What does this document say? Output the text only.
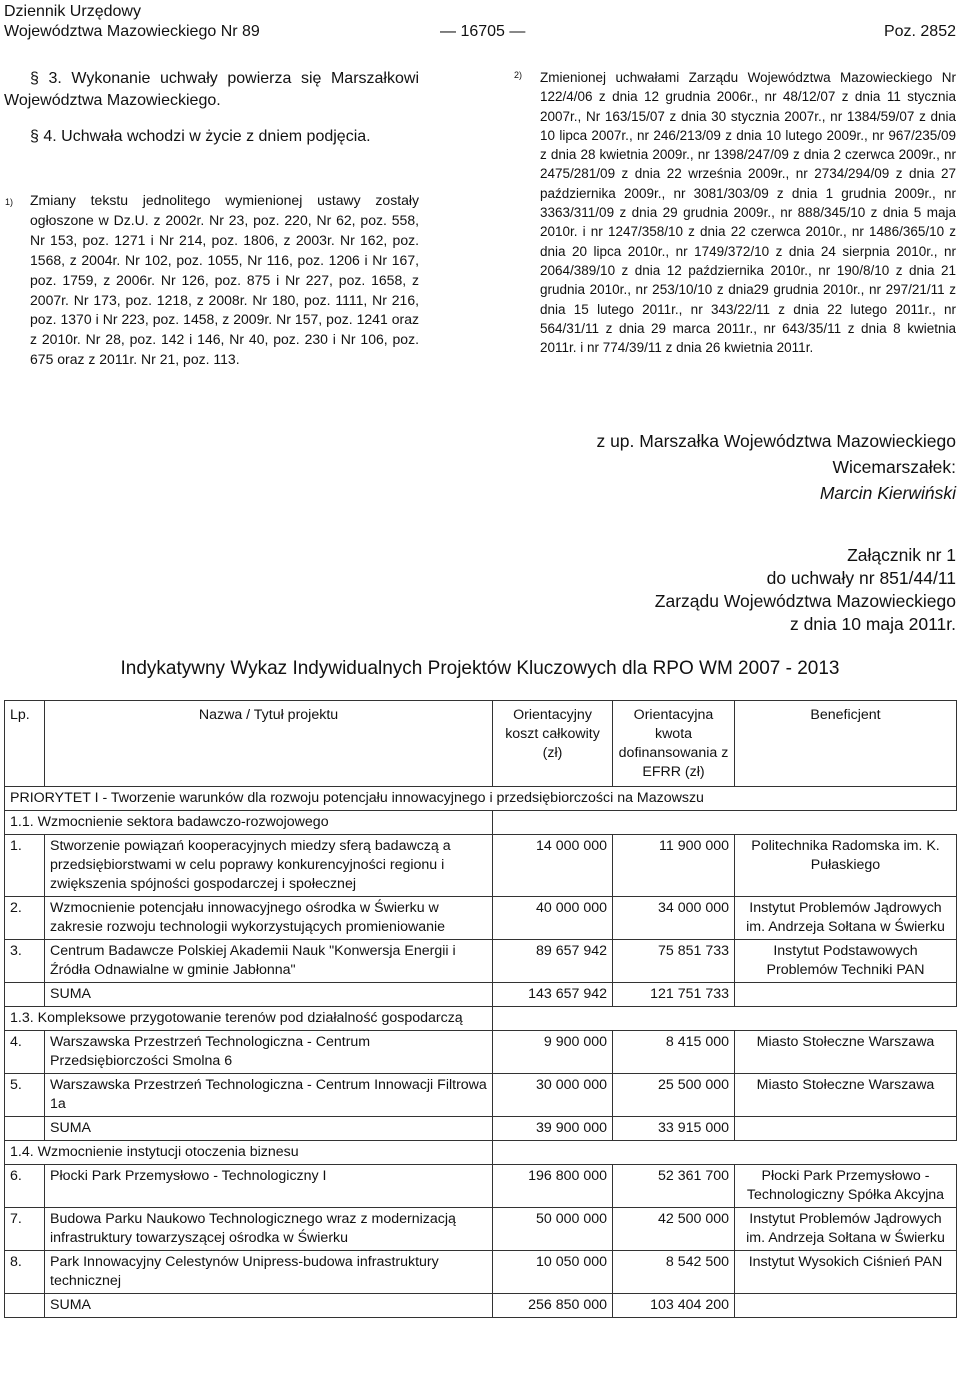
Dziennik Urzędowy
Województwa Mazowieckiego Nr 89	— 16705 —	Poz. 2852

§ 3. Wykonanie uchwały powierza się Marszałkowi Województwa Mazowieckiego.

§ 4. Uchwała wchodzi w życie z dniem podjęcia.

1) Zmiany tekstu jednolitego wymienionej ustawy zostały ogłoszone w Dz.U. z 2002r. Nr 23, poz. 220, Nr 62, poz. 558, Nr 153, poz. 1271 i Nr 214, poz. 1806, z 2003r. Nr 162, poz. 1568, z 2004r. Nr 102, poz. 1055, Nr 116, poz. 1206 i Nr 167, poz. 1759, z 2006r. Nr 126, poz. 875 i Nr 227, poz. 1658, z 2007r. Nr 173, poz. 1218, z 2008r. Nr 180, poz. 1111, Nr 216, poz. 1370 i Nr 223, poz. 1458, z 2009r. Nr 157, poz. 1241 oraz z 2010r. Nr 28, poz. 142 i 146, Nr 40, poz. 230 i Nr 106, poz. 675 oraz z 2011r. Nr 21, poz. 113.

2) Zmienionej uchwałami Zarządu Województwa Mazowieckiego Nr 122/4/06 z dnia 12 grudnia 2006r., nr 48/12/07 z dnia 11 stycznia 2007r., Nr 163/15/07 z dnia 30 stycznia 2007r., nr 1384/59/07 z dnia 10 lipca 2007r., nr 246/213/09 z dnia 10 lutego 2009r., nr 967/235/09 z dnia 28 kwietnia 2009r., nr 1398/247/09 z dnia 2 czerwca 2009r., nr 2475/281/09 z dnia 22 września 2009r., nr 2734/294/09 z dnia 27 października 2009r., nr 3081/303/09 z dnia 1 grudnia 2009r., nr 3363/311/09 z dnia 29 grudnia 2009r., nr 888/345/10 z dnia 5 maja 2010r. i nr 1247/358/10 z dnia 22 czerwca 2010r., nr 1486/365/10 z dnia 20 lipca 2010r., nr 1749/372/10 z dnia 24 sierpnia 2010r., nr 2064/389/10 z dnia 12 października 2010r., nr 190/8/10 z dnia 21 grudnia 2010r., nr 253/10/10 z dnia29 grudnia 2010r., nr 297/21/11 z dnia 15 lutego 2011r., nr 343/22/11 z dnia 22 lutego 2011r., nr 564/31/11 z dnia 29 marca 2011r., nr 643/35/11 z dnia 8 kwietnia 2011r. i nr 774/39/11 z dnia 26 kwietnia 2011r.

z up. Marszałka Województwa Mazowieckiego
Wicemarszałek:
Marcin Kierwiński
Załącznik nr 1
do uchwały nr 851/44/11
Zarządu Województwa Mazowieckiego
z dnia 10 maja 2011r.
Indykatywny Wykaz Indywidualnych Projektów Kluczowych dla RPO WM 2007 - 2013
Lp.	Nazwa / Tytuł projektu	Orientacyjny koszt całkowity (zł)	Orientacyjna kwota dofinansowania z EFRR (zł)	Beneficjent
PRIORYTET I - Tworzenie warunków dla rozwoju potencjału innowacyjnego i przedsiębiorczości na Mazowszu				
1.1. Wzmocnienie sektora badawczo-rozwojowego				
1.	Stworzenie powiązań kooperacyjnych miedzy sferą badawczą a przedsiębiorstwami w celu poprawy konkurencyjności regionu i zwiększenia spójności gospodarczej i społecznej	14 000 000	11 900 000	Politechnika Radomska im. K. Pułaskiego
2.	Wzmocnienie potencjału innowacyjnego ośrodka w Świerku w zakresie rozwoju technologii wykorzystujących promieniowanie	40 000 000	34 000 000	Instytut Problemów Jądrowych im. Andrzeja Sołtana w Świerku
3.	Centrum Badawcze Polskiej Akademii Nauk "Konwersja Energii i Źródła Odnawialne w gminie Jabłonna"	89 657 942	75 851 733	Instytut Podstawowych Problemów Techniki PAN
	SUMA	143 657 942	121 751 733	
1.3. Kompleksowe przygotowanie terenów pod działalność gospodarczą				
4.	Warszawska Przestrzeń Technologiczna - Centrum Przedsiębiorczości Smolna 6	9 900 000	8 415 000	Miasto Stołeczne Warszawa
5.	Warszawska Przestrzeń Technologiczna - Centrum Innowacji Filtrowa 1a	30 000 000	25 500 000	Miasto Stołeczne Warszawa
	SUMA	39 900 000	33 915 000	
1.4. Wzmocnienie instytucji otoczenia biznesu				
6.	Płocki Park Przemysłowo - Technologiczny I	196 800 000	52 361 700	Płocki Park Przemysłowo - Technologiczny Spółka Akcyjna
7.	Budowa Parku Naukowo Technologicznego wraz z modernizacją infrastruktury towarzyszącej ośrodka w Świerku	50 000 000	42 500 000	Instytut Problemów Jądrowych im. Andrzeja Sołtana w Świerku
8.	Park Innowacyjny Celestynów Unipress-budowa infrastruktury technicznej	10 050 000	8 542 500	Instytut Wysokich Ciśnień PAN
	SUMA	256 850 000	103 404 200	
